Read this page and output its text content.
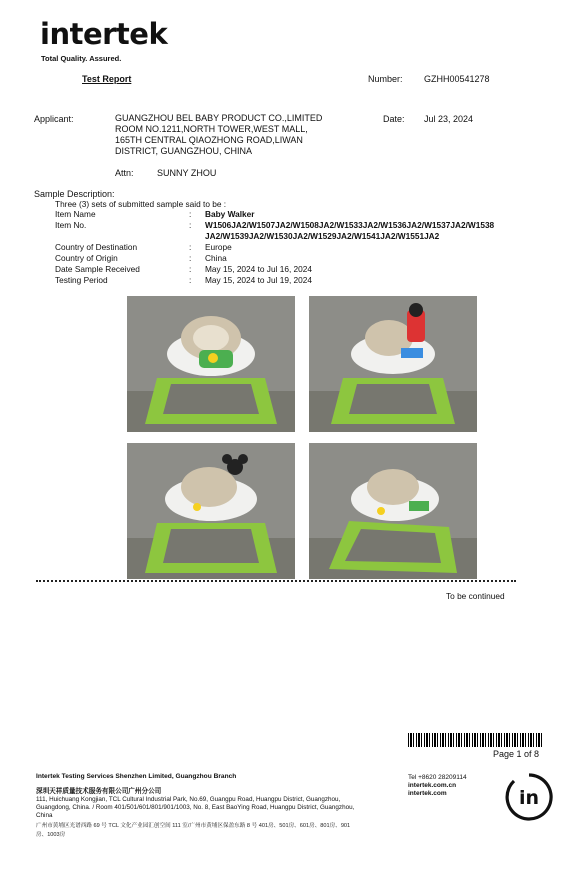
intertek
Total Quality. Assured.
Test Report	Number: GZHH00541278
Applicant:	GUANGZHOU BEL BABY PRODUCT CO.,LIMITED
ROOM NO.1211,NORTH TOWER,WEST MALL,
165TH CENTRAL QIAOZHONG ROAD,LIWAN
DISTRICT, GUANGZHOU, CHINA
Date: Jul 23, 2024
Attn:	SUNNY ZHOU
Sample Description:
Three (3) sets of submitted sample said to be :
Item Name	: Baby Walker
Item No.	: W1506JA2/W1507JA2/W1508JA2/W1533JA2/W1536JA2/W1537JA2/W1538 JA2/W1539JA2/W1530JA2/W1529JA2/W1541JA2/W1551JA2
Country of Destination	: Europe
Country of Origin	: China
Date Sample Received	: May 15, 2024 to Jul 16, 2024
Testing Period	: May 15, 2024 to Jul 19, 2024
To be continued
Page 1 of 8
Intertek Testing Services Shenzhen Limited, Guangzhou Branch
深圳天祥质量技术服务有限公司广州分公司
111, Huichuang Kongjian, TCL Cultural Industrial Park, No.69, Guangpu Road, Huangpu District, Guangzhou, Guangdong, China. / Room 401/501/601/801/901/1003, No. 8, East BaoYing Road, Huangpu District, Guangzhou, China
广州市黄埔区光谱西路 69 号 TCL 文化产业园汇创空间 111 室/广州市黄埔区保盈东路 8 号 401房、501房、601房、801房、901房、1003房
Tel +8620 28209114
intertek.com.cn
intertek.com	in
